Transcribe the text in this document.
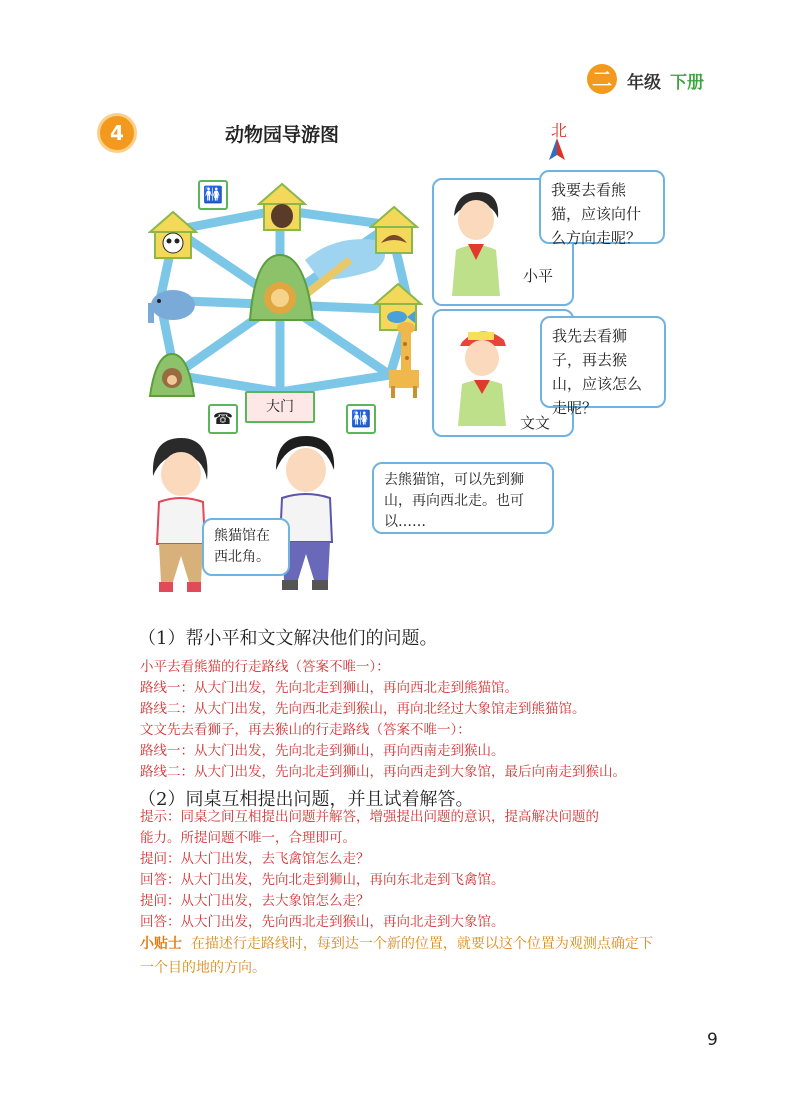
二 年级 下册
4	动物园导游图	北
🚻
☎	🚻
大门
我要去看熊猫，应该向什么方向走呢？
小平
我先去看狮子，再去猴山，应该怎么走呢？
文文
熊猫馆在西北角。
去熊猫馆，可以先到狮山，再向西北走。也可以……
（1）帮小平和文文解决他们的问题。
小平去看熊猫的行走路线（答案不唯一）：
路线一：从大门出发，先向北走到狮山，再向西北走到熊猫馆。
路线二：从大门出发，先向西北走到猴山，再向北经过大象馆走到熊猫馆。
文文先去看狮子，再去猴山的行走路线（答案不唯一）：
路线一：从大门出发，先向北走到狮山，再向西南走到猴山。
路线二：从大门出发，先向北走到狮山，再向西走到大象馆，最后向南走到猴山。
（2）同桌互相提出问题，并且试着解答。
提示：同桌之间互相提出问题并解答，增强提出问题的意识，提高解决问题的
能力。所提问题不唯一，合理即可。
提问：从大门出发，去飞禽馆怎么走？
回答：从大门出发，先向北走到狮山，再向东北走到飞禽馆。
提问：从大门出发，去大象馆怎么走？
回答：从大门出发，先向西北走到猴山，再向北走到大象馆。
小贴士 在描述行走路线时，每到达一个新的位置，就要以这个位置为观测点确定下
一个目的地的方向。
9
